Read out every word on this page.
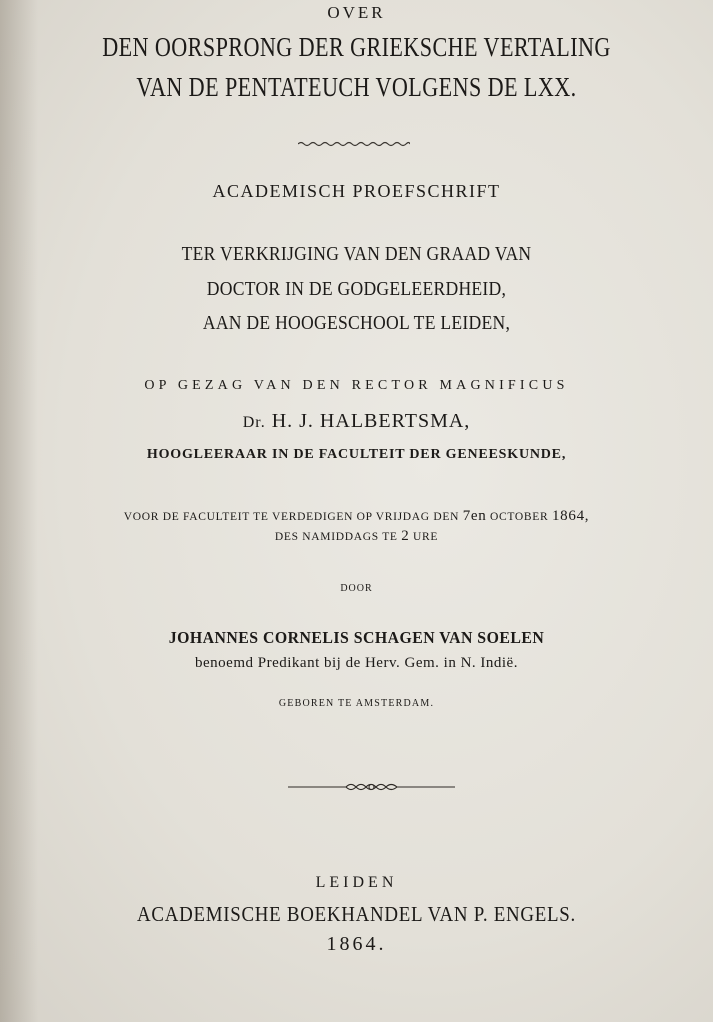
OVER
DEN OORSPRONG DER GRIEKSCHE VERTALING
VAN DE PENTATEUCH VOLGENS DE LXX.
ACADEMISCH PROEFSCHRIFT
TER VERKRIJGING VAN DEN GRAAD VAN
DOCTOR IN DE GODGELEERDHEID,
AAN DE HOOGESCHOOL TE LEIDEN,
OP GEZAG VAN DEN RECTOR MAGNIFICUS
Dr. H. J. HALBERTSMA,
HOOGLEERAAR IN DE FACULTEIT DER GENEESKUNDE,
VOOR DE FACULTEIT TE VERDEDIGEN OP VRIJDAG DEN 7en OCTOBER 1864,
DES NAMIDDAGS TE 2 URE
DOOR
JOHANNES CORNELIS SCHAGEN VAN SOELEN
benoemd Predikant bij de Herv. Gem. in N. Indië.
GEBOREN TE AMSTERDAM.
LEIDEN
ACADEMISCHE BOEKHANDEL VAN P. ENGELS.
1864.
